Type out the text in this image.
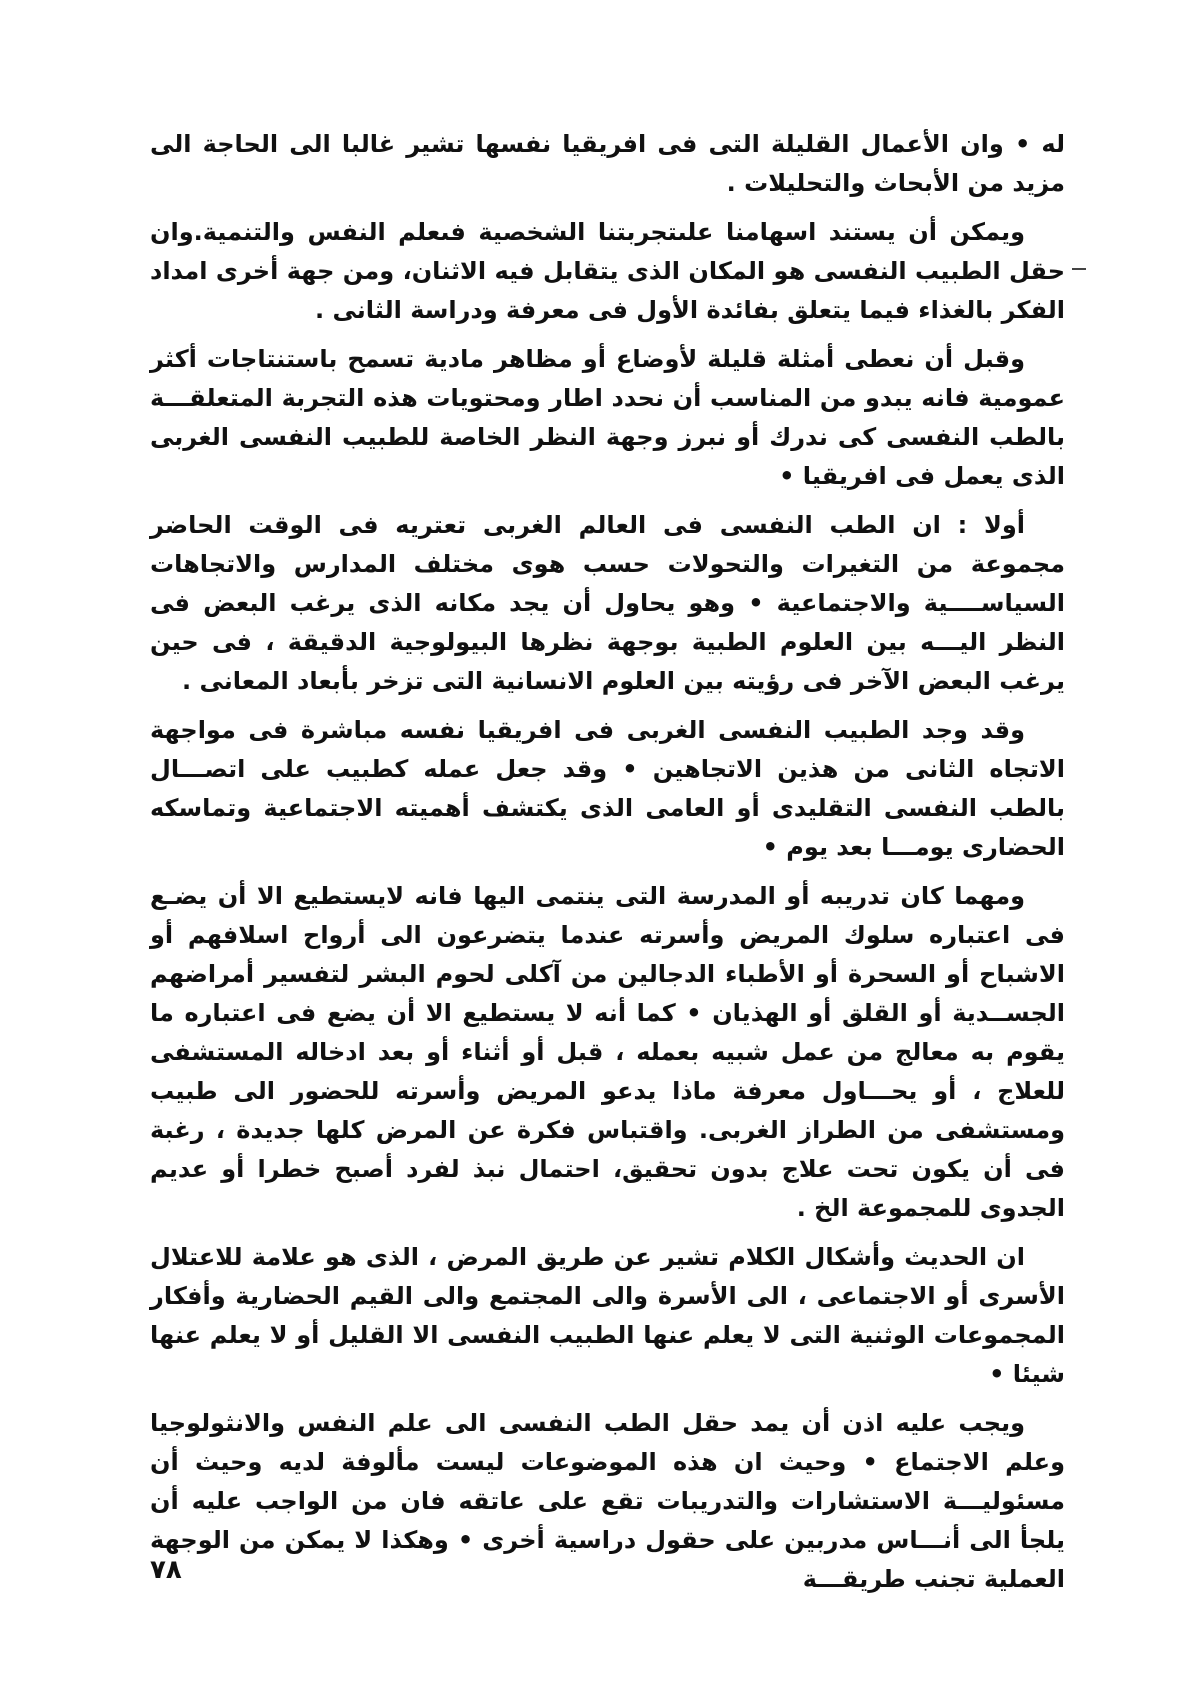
له • وان الأعمال القليلة التى فى افريقيا نفسها تشير غالبا الى الحاجة الى مزيد من الأبحاث والتحليلات .

ويمكن أن يستند اسهامنا علىتجربتنا الشخصية فىعلم النفس والتنمية.وان حقل الطبيب النفسى هو المكان الذى يتقابل فيه الاثنان، ومن جهة أخرى امداد الفكر بالغذاء فيما يتعلق بفائدة الأول فى معرفة ودراسة الثانى .

وقبل أن نعطى أمثلة قليلة لأوضاع أو مظاهر مادية تسمح باستنتاجات أكثر عمومية فانه يبدو من المناسب أن نحدد اطار ومحتويات هذه التجربة المتعلقـــة بالطب النفسى كى ندرك أو نبرز وجهة النظر الخاصة للطبيب النفسى الغربى الذى يعمل فى افريقيا •

أولا : ان الطب النفسى فى العالم الغربى تعتريه فى الوقت الحاضر مجموعة من التغيرات والتحولات حسب هوى مختلف المدارس والاتجاهات السياســــية والاجتماعية • وهو يحاول أن يجد مكانه الذى يرغب البعض فى النظر اليـــه بين العلوم الطبية بوجهة نظرها البيولوجية الدقيقة ، فى حين يرغب البعض الآخر فى رؤيته بين العلوم الانسانية التى تزخر بأبعاد المعانى .

وقد وجد الطبيب النفسى الغربى فى افريقيا نفسه مباشرة فى مواجهة الاتجاه الثانى من هذين الاتجاهين • وقد جعل عمله كطبيب على اتصـــال بالطب النفسى التقليدى أو العامى الذى يكتشف أهميته الاجتماعية وتماسكه الحضارى يومـــا بعد يوم •

ومهما كان تدريبه أو المدرسة التى ينتمى اليها فانه لايستطيع الا أن يضـع فى اعتباره سلوك المريض وأسرته عندما يتضرعون الى أرواح اسلافهم أو الاشباح أو السحرة أو الأطباء الدجالين من آكلى لحوم البشر لتفسير أمراضهم الجســدية أو القلق أو الهذيان • كما أنه لا يستطيع الا أن يضع فى اعتباره ما يقوم به معالج من عمل شبيه بعمله ، قبل أو أثناء أو بعد ادخاله المستشفى للعلاج ، أو يحـــاول معرفة ماذا يدعو المريض وأسرته للحضور الى طبيب ومستشفى من الطراز الغربى. واقتباس فكرة عن المرض كلها جديدة ، رغبة فى أن يكون تحت علاج بدون تحقيق، احتمال نبذ لفرد أصبح خطرا أو عديم الجدوى للمجموعة الخ .

ان الحديث وأشكال الكلام تشير عن طريق المرض ، الذى هو علامة للاعتلال الأسرى أو الاجتماعى ، الى الأسرة والى المجتمع والى القيم الحضارية وأفكار المجموعات الوثنية التى لا يعلم عنها الطبيب النفسى الا القليل أو لا يعلم عنها شيئا •

ويجب عليه اذن أن يمد حقل الطب النفسى الى علم النفس والانثولوجيا وعلم الاجتماع • وحيث ان هذه الموضوعات ليست مألوفة لديه وحيث أن مسئوليـــة الاستشارات والتدريبات تقع على عاتقه فان من الواجب عليه أن يلجأ الى أنـــاس مدربين على حقول دراسية أخرى • وهكذا لا يمكن من الوجهة العملية تجنب طريقـــة

٧٨
